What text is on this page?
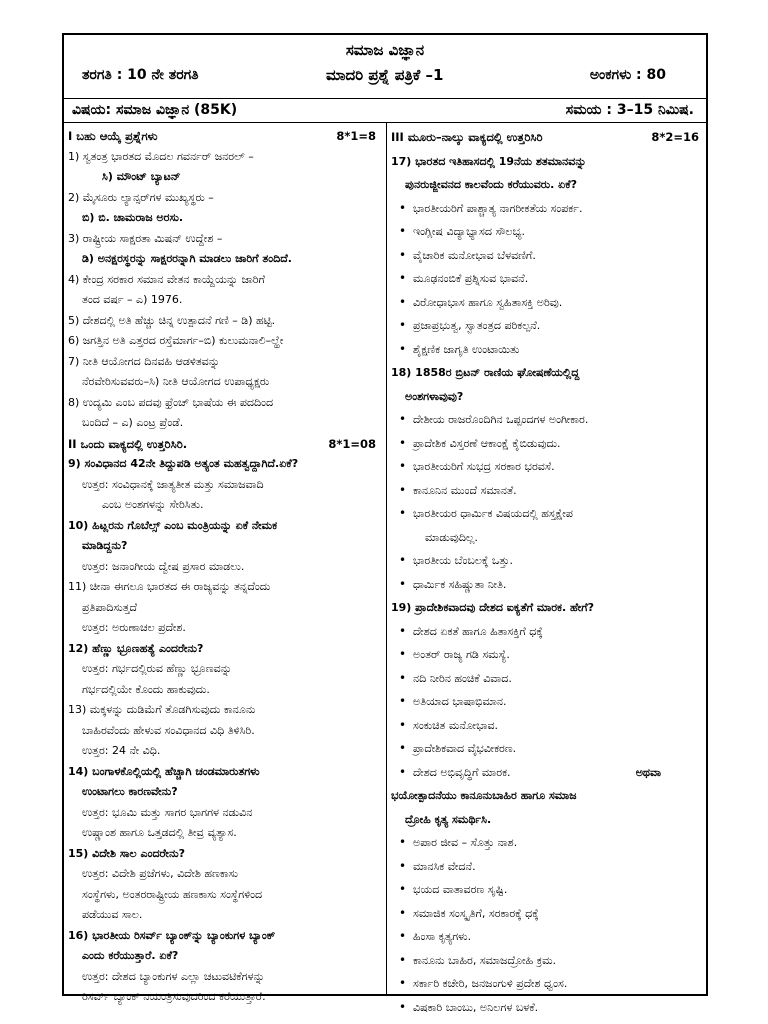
ಸಮಾಜ ವಿಜ್ಞಾನ
ತರಗತಿ : 10 ನೇ ತರಗತಿ	ಮಾದರಿ ಪ್ರಶ್ನೆ ಪತ್ರಿಕೆ –1	ಅಂಕಗಳು : 80
ವಿಷಯ: ಸಮಾಜ ವಿಜ್ಞಾನ (85K)	ಸಮಯ : 3–15 ನಿಮಿಷ.
I ಬಹು ಆಯ್ಕೆ ಪ್ರಶ್ನೆಗಳು	8*1=8
1) ಸ್ವತಂತ್ರ ಭಾರತದ ಮೊದಲ ಗವರ್ನರ್ ಜನರಲ್ –
ಸಿ) ಮೌಂಟ್ ಬ್ಯಾಟನ್
2) ಮೈಸೂರು ಲ್ಯಾನ್ಸರ್‌ಗಳ ಮುಖ್ಯಸ್ಥರು –
ಬಿ) ಬಿ. ಚಾಮರಾಜ ಅರಸು.
3) ರಾಷ್ಟ್ರೀಯ ಸಾಕ್ಷರತಾ ಮಿಷನ್ ಉದ್ದೇಶ –
ಡಿ) ಅನಕ್ಷರಸ್ಥರನ್ನು ಸಾಕ್ಷರರನ್ನಾಗಿ ಮಾಡಲು ಜಾರಿಗೆ ತಂದಿದೆ.
4) ಕೇಂದ್ರ ಸರಕಾರ ಸಮಾನ ವೇತನ ಕಾಯ್ದೆಯನ್ನು ಜಾರಿಗೆ
ತಂದ ವರ್ಷ – ಎ) 1976.
5) ದೇಶದಲ್ಲಿ ಅತಿ ಹೆಚ್ಚು ಚಿನ್ನ ಉತ್ಪಾದನೆ ಗಣಿ – ಡಿ) ಹಟ್ಟಿ.
6) ಜಗತ್ತಿನ ಅತಿ ಎತ್ತರದ ರಸ್ತೆಮಾರ್ಗ–ಬಿ) ಕುಲುಮನಾಲಿ–ಲ್ಹೇ
7) ನೀತಿ ಆಯೋಗದ ದಿನವಹಿ ಆಡಳಿತವನ್ನು
ನೆರವೇರಿಸುವವರು–ಸಿ) ನೀತಿ ಆಯೋಗದ ಉಪಾಧ್ಯಕ್ಷರು
8) ಉದ್ಯಮಿ ಎಂಬ ಪದವು ಫ್ರೆಂಚ್ ಭಾಷೆಯ ಈ ಪದದಿಂದ
ಬಂದಿದೆ – ಎ) ಎಂಟ್ರ ಪ್ರೆಂಡೆ.
II ಒಂದು ವಾಕ್ಯದಲ್ಲಿ ಉತ್ತರಿಸಿರಿ.	8*1=08
9) ಸಂವಿಧಾನದ 42ನೇ ತಿದ್ದುಪಡಿ ಅತ್ಯಂತ ಮಹತ್ವದ್ದಾಗಿದೆ.ಏಕೆ?
ಉತ್ತರ: ಸಂವಿಧಾನಕ್ಕೆ ಜಾತ್ಯತೀತ ಮತ್ತು ಸಮಾಜವಾದಿ
ಎಂಬ ಅಂಶಗಳನ್ನು ಸೇರಿಸಿತು.
10) ಹಿಟ್ಲರನು ಗೊಬೆಲ್ಸ್ ಎಂಬ ಮಂತ್ರಿಯನ್ನು ಏಕೆ ನೇಮಕ
ಮಾಡಿದ್ದನು?
ಉತ್ತರ: ಜನಾಂಗೀಯ ದ್ವೇಷ ಪ್ರಸಾರ ಮಾಡಲು.
11) ಚೀನಾ ಈಗಲೂ ಭಾರತದ ಈ ರಾಜ್ಯವನ್ನು ತನ್ನದೆಂದು
ಪ್ರತಿಪಾದಿಸುತ್ತದೆ
ಉತ್ತರ: ಅರುಣಾಚಲ ಪ್ರದೇಶ.
12) ಹೆಣ್ಣು ಭ್ರೂಣಹತ್ಯೆ ಎಂದರೇನು?
ಉತ್ತರ: ಗರ್ಭದಲ್ಲಿರುವ ಹೆಣ್ಣು ಭ್ರೂಣವನ್ನು
ಗರ್ಭದಲ್ಲಿಯೇ ಕೊಂದು ಹಾಕುವುದು.
13) ಮಕ್ಕಳನ್ನು ದುಡಿಮೆಗೆ ತೊಡಗಿಸುವುದು ಕಾನೂನು
ಬಾಹಿರವೆಂದು ಹೇಳುವ ಸಂವಿಧಾನದ ವಿಧಿ ತಿಳಿಸಿರಿ.
ಉತ್ತರ: 24 ನೇ ವಿಧಿ.
14) ಬಂಗಾಳಕೊಲ್ಲಿಯಲ್ಲಿ ಹೆಚ್ಚಾಗಿ ಚಂಡಮಾರುತಗಳು
ಉಂಟಾಗಲು ಕಾರಣವೇನು?
ಉತ್ತರ: ಭೂಮಿ ಮತ್ತು ಸಾಗರ ಭಾಗಗಳ ನಡುವಿನ
ಉಷ್ಣಾಂಶ ಹಾಗೂ ಒತ್ತಡದಲ್ಲಿ ತೀವ್ರ ವ್ಯತ್ಯಾಸ.
15) ವಿದೇಶಿ ಸಾಲ ಎಂದರೇನು?
ಉತ್ತರ: ವಿದೇಶಿ ಪ್ರಜೆಗಳು, ವಿದೇಶಿ ಹಣಕಾಸು
ಸಂಸ್ಥೆಗಳು, ಅಂತರರಾಷ್ಟ್ರೀಯ ಹಣಕಾಸು ಸಂಸ್ಥೆಗಳಿಂದ
ಪಡೆಯುವ ಸಾಲ.
16) ಭಾರತೀಯ ರಿಸರ್ವ್ ಬ್ಯಾಂಕ್‌ನ್ನು ಬ್ಯಾಂಕುಗಳ ಬ್ಯಾಂಕ್
ಎಂದು ಕರೆಯುತ್ತಾರೆ. ಏಕೆ?
ಉತ್ತರ: ದೇಶದ ಬ್ಯಾಂಕುಗಳ ಎಲ್ಲಾ ಚಟುವಟಿಕೆಗಳನ್ನು
ರಿಸರ್ವ್ ಬ್ಯಾಂಕ್ ನಿಯಂತ್ರಿಸುವುದರಿಂದ ಕರೆಯುತ್ತಾರೆ.
III ಮೂರು–ನಾಲ್ಕು ವಾಕ್ಯದಲ್ಲಿ ಉತ್ತರಿಸಿರಿ	8*2=16
17) ಭಾರತದ ಇತಿಹಾಸದಲ್ಲಿ 19ನೆಯ ಶತಮಾನವನ್ನು
ಪುನರುಜ್ಜೀವನದ ಕಾಲವೆಂದು ಕರೆಯುವರು. ಏಕೆ?
• ಭಾರತೀಯರಿಗೆ ಪಾಶ್ಚಾತ್ಯ ನಾಗರೀಕತೆಯ ಸಂಪರ್ಕ.
• ಇಂಗ್ಲೀಷ ವಿದ್ಯಾಭ್ಯಾಸದ ಸೌಲಭ್ಯ.
• ವೈಚಾರಿಕ ಮನೋಭಾವ ಬೆಳವಣಿಗೆ.
• ಮೂಢನಂಬಿಕೆ ಪ್ರಶ್ನಿಸುವ ಭಾವನೆ.
• ವಿರೋಧಾಭಾಸ ಹಾಗೂ ಸ್ವಹಿತಾಸಕ್ತಿ ಅರಿವು.
• ಪ್ರಜಾಪ್ರಭುತ್ವ, ಸ್ವಾತಂತ್ರದ ಪರಿಕಲ್ಪನೆ.
• ಶೈಕ್ಷಣಿಕ ಜಾಗೃತಿ ಉಂಟಾಯಿತು
18) 1858ರ ಬ್ರಿಟನ್ ರಾಣಿಯ ಘೋಷಣೆಯಲ್ಲಿದ್ದ
ಅಂಶಗಳಾವುವು?
• ದೇಶೀಯ ರಾಜರೊಂದಿಗಿನ ಒಪ್ಪಂದಗಳ ಅಂಗೀಕಾರ.
• ಪ್ರಾದೇಶಿಕ ವಿಸ್ತರಣೆ ಆಕಾಂಕ್ಷೆ ಕೈಬಿಡುವುದು.
• ಭಾರತೀಯರಿಗೆ ಸುಭದ್ರ ಸರಕಾರ ಭರವಸೆ.
• ಕಾನೂನಿನ ಮುಂದೆ ಸಮಾನತೆ.
• ಭಾರತೀಯರ ಧಾರ್ಮಿಕ ವಿಷಯದಲ್ಲಿ ಹಸ್ತಕ್ಷೇಪ
ಮಾಡುವುದಿಲ್ಲ.
• ಭಾರತೀಯ ಬೆಂಬಲಕ್ಕೆ ಒತ್ತು.
• ಧಾರ್ಮಿಕ ಸಹಿಷ್ಣುತಾ ನೀತಿ.
19) ಪ್ರಾದೇಶಿಕವಾದವು ದೇಶದ ಐಕ್ಯತೆಗೆ ಮಾರಕ. ಹೇಗೆ?
• ದೇಶದ ಏಕತೆ ಹಾಗೂ ಹಿತಾಸಕ್ತಿಗೆ ಧಕ್ಕೆ
• ಅಂತರ್ ರಾಜ್ಯ ಗಡಿ ಸಮಸ್ಯೆ.
• ನದಿ ನೀರಿನ ಹಂಚಿಕೆ ವಿವಾದ.
• ಅತಿಯಾದ ಭಾಷಾಭಿಮಾನ.
• ಸಂಕುಚಿತ ಮನೋಭಾವ.
• ಪ್ರಾದೇಶಿಕವಾದ ವೈಭವೀಕರಣ.
• ದೇಶದ ಅಭಿವೃದ್ಧಿಗೆ ಮಾರಕ.	ಅಥವಾ
ಭಯೋತ್ಪಾದನೆಯು ಕಾನೂನುಬಾಹಿರ ಹಾಗೂ ಸಮಾಜ
ದ್ರೋಹಿ ಕೃತ್ಯ ಸಮರ್ಥಿಸಿ.
• ಅಪಾರ ಜೀವ – ಸೊತ್ತು ನಾಶ.
• ಮಾನಸಿಕ ವೇದನೆ.
• ಭಯದ ವಾತಾವರಣ ಸೃಷ್ಟಿ.
• ಸಮಾಜಿಕ ಸಂಸ್ಕೃತಿಗೆ, ಸರಕಾರಕ್ಕೆ ಧಕ್ಕೆ
• ಹಿಂಸಾ ಕೃತ್ಯಗಳು.
• ಕಾನೂನು ಬಾಹಿರ, ಸಮಾಜದ್ರೋಹಿ ಕ್ರಮ.
• ಸರ್ಕಾರಿ ಕಚೇರಿ, ಜನಜಂಗುಳಿ ಪ್ರದೇಶ ಧ್ವಂಸ.
• ವಿಷಕಾರಿ ಬಾಂಬು, ಅನಿಲಗಳ ಬಳಕೆ.
